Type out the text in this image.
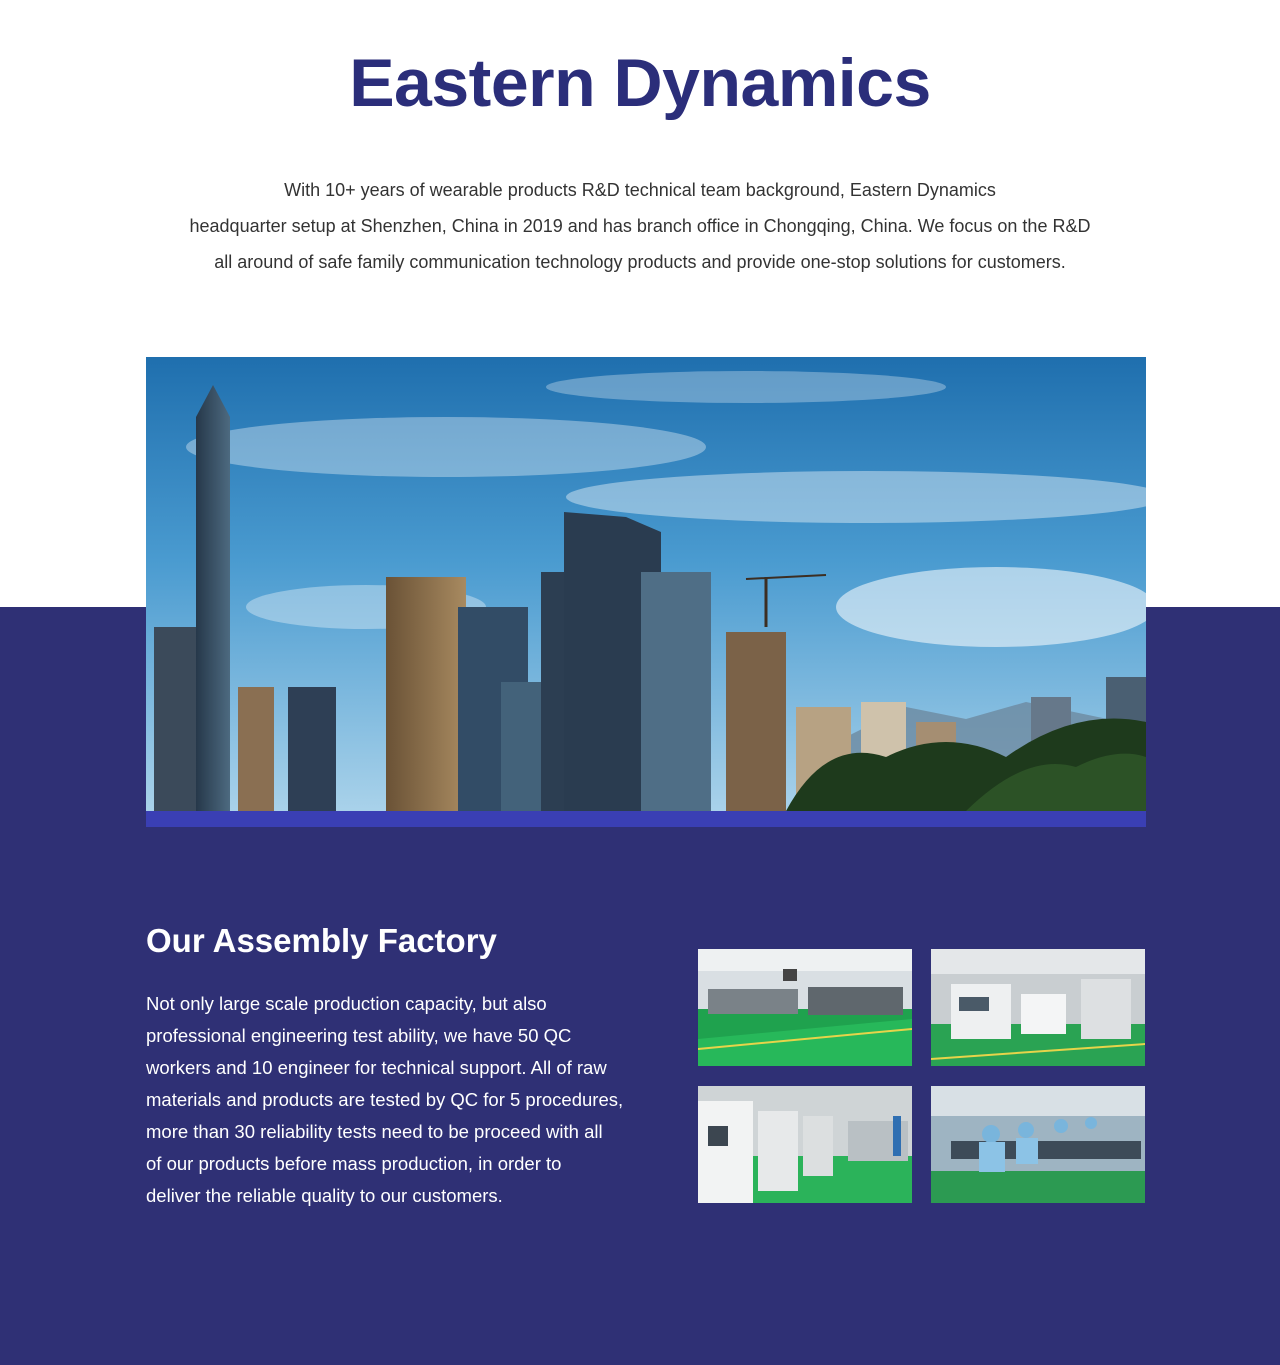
Eastern Dynamics

With 10+ years of wearable products R&D technical team background, Eastern Dynamics
headquarter setup at Shenzhen, China in 2019 and has branch office in Chongqing, China. We focus on the R&D
all around of safe family communication technology products and provide one-stop solutions for customers.

Our Assembly Factory

Not only large scale production capacity, but also
professional engineering test ability, we have 50 QC
workers and 10 engineer for technical support. All of raw
materials and products are tested by QC for 5 procedures,
more than 30 reliability tests need to be proceed with all
of our products before mass production, in order to
deliver the reliable quality to our customers.
